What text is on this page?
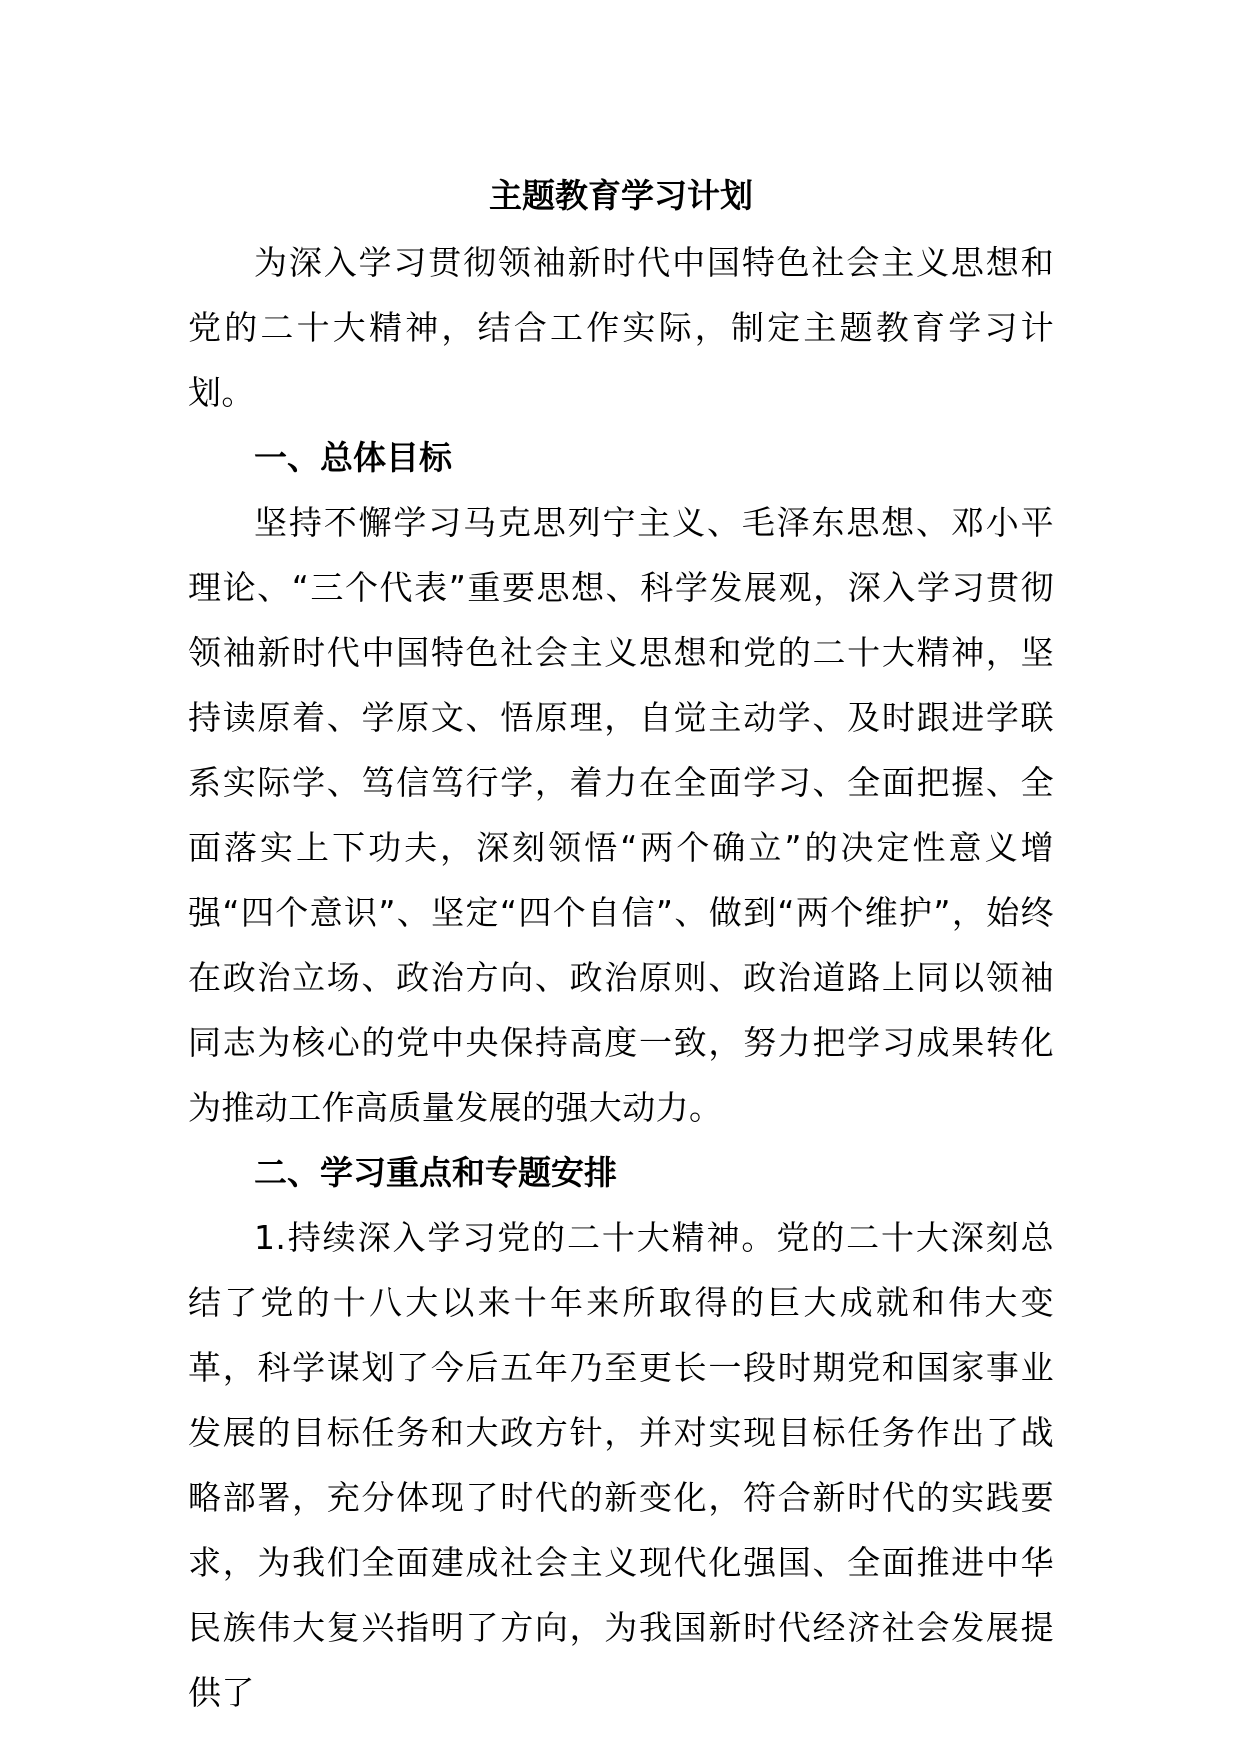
主题教育学习计划

为深入学习贯彻领袖新时代中国特色社会主义思想和党的二十大精神，结合工作实际，制定主题教育学习计划。

一、总体目标

坚持不懈学习马克思列宁主义、毛泽东思想、邓小平理论、“三个代表”重要思想、科学发展观，深入学习贯彻领袖新时代中国特色社会主义思想和党的二十大精神，坚持读原着、学原文、悟原理，自觉主动学、及时跟进学联系实际学、笃信笃行学，着力在全面学习、全面把握、全面落实上下功夫，深刻领悟“两个确立”的决定性意义增强“四个意识”、坚定“四个自信”、做到“两个维护”，始终在政治立场、政治方向、政治原则、政治道路上同以领袖同志为核心的党中央保持高度一致，努力把学习成果转化为推动工作高质量发展的强大动力。

二、学习重点和专题安排

1.持续深入学习党的二十大精神。党的二十大深刻总结了党的十八大以来十年来所取得的巨大成就和伟大变革，科学谋划了今后五年乃至更长一段时期党和国家事业发展的目标任务和大政方针，并对实现目标任务作出了战略部署，充分体现了时代的新变化，符合新时代的实践要求，为我们全面建成社会主义现代化强国、全面推进中华民族伟大复兴指明了方向，为我国新时代经济社会发展提供了
